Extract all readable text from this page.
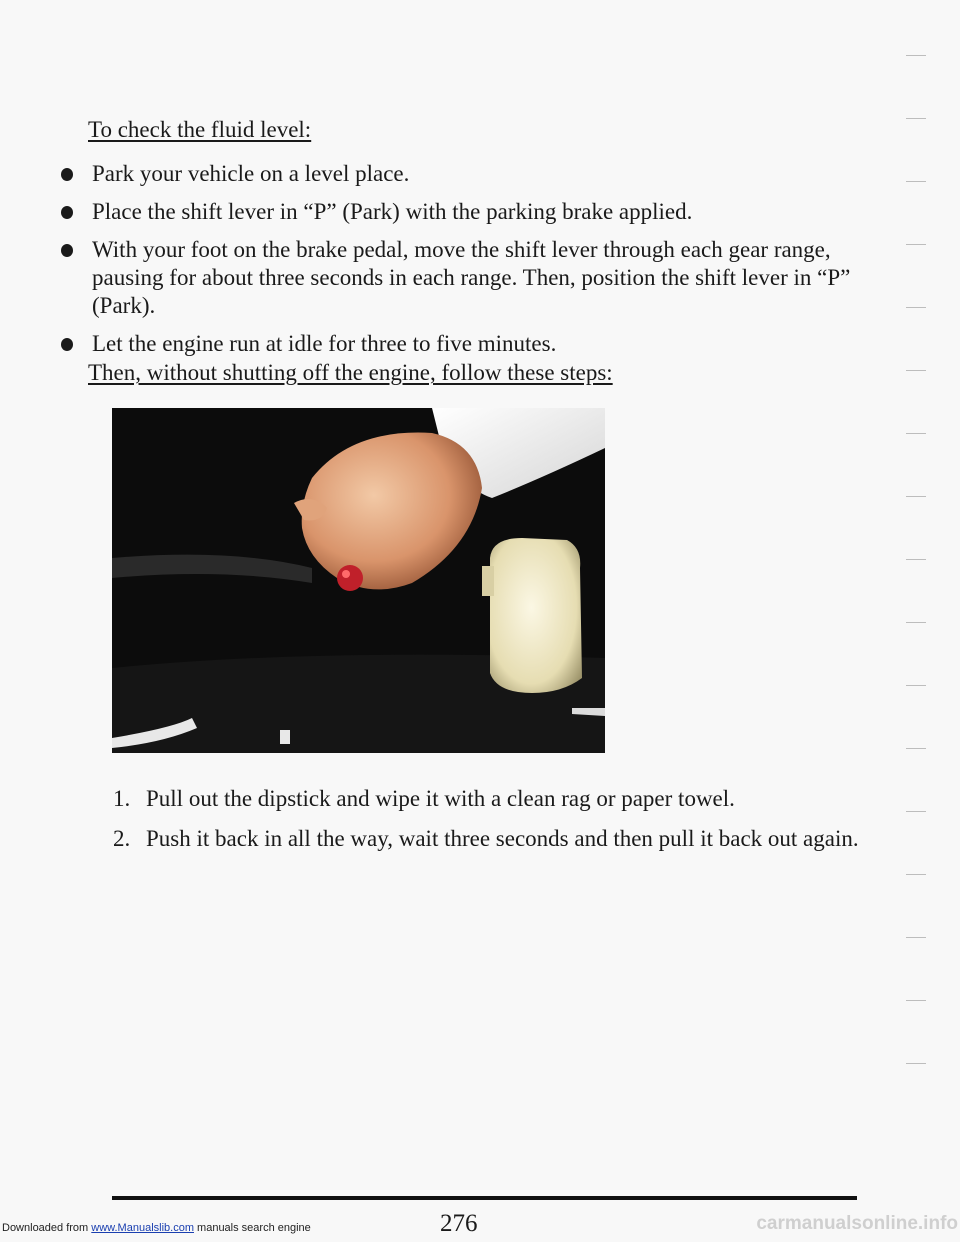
To check the fluid level:
Park your vehicle on a level place.
Place the shift lever in “P” (Park) with the parking brake applied.
With your foot on the brake pedal, move the shift lever through each gear range, pausing for about three seconds in each range. Then, position the shift lever in “P” (Park).
Let the engine run at idle for three to five minutes.
Then, without shutting off the engine, follow these steps:
1. Pull out the dipstick and wipe it with a clean rag or paper towel.
2. Push it back in all the way, wait three seconds and then pull it back out again.
276
Downloaded from www.Manualslib.com manuals search engine	carmanualsonline.info
